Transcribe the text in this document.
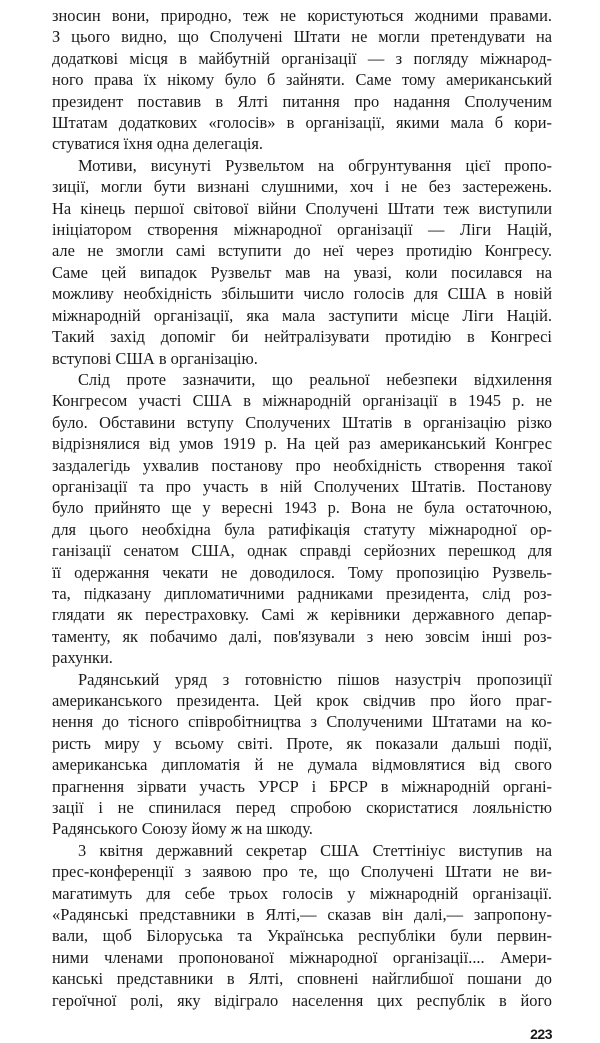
зносин вони, природно, теж не користуються жодними правами.
З цього видно, що Сполучені Штати не могли претендувати на
додаткові місця в майбутній організації — з погляду міжнарод-
ного права їх нікому було б зайняти. Саме тому американський
президент поставив в Ялті питання про надання Сполученим
Штатам додаткових «голосів» в організації, якими мала б кори-
стуватися їхня одна делегація.
Мотиви, висунуті Рузвельтом на обгрунтування цієї пропо-
зиції, могли бути визнані слушними, хоч і не без застережень.
На кінець першої світової війни Сполучені Штати теж виступили
ініціатором створення міжнародної організації — Ліги Націй,
але не змогли самі вступити до неї через протидію Конгресу.
Саме цей випадок Рузвельт мав на увазі, коли посилався на
можливу необхідність збільшити число голосів для США в новій
міжнародній організації, яка мала заступити місце Ліги Націй.
Такий захід допоміг би нейтралізувати протидію в Конгресі
вступові США в організацію.
Слід проте зазначити, що реальної небезпеки відхилення
Конгресом участі США в міжнародній організації в 1945 р. не
було. Обставини вступу Сполучених Штатів в організацію різко
відрізнялися від умов 1919 р. На цей раз американський Конгрес
заздалегідь ухвалив постанову про необхідність створення такої
організації та про участь в ній Сполучених Штатів. Постанову
було прийнято ще у вересні 1943 р. Вона не була остаточною,
для цього необхідна була ратифікація статуту міжнародної ор-
ганізації сенатом США, однак справді серйозних перешкод для
її одержання чекати не доводилося. Тому пропозицію Рузвель-
та, підказану дипломатичними радниками президента, слід роз-
глядати як перестраховку. Самі ж керівники державного депар-
таменту, як побачимо далі, пов'язували з нею зовсім інші роз-
рахунки.
Радянський уряд з готовністю пішов назустріч пропозиції
американського президента. Цей крок свідчив про його праг-
нення до тісного співробітництва з Сполученими Штатами на ко-
ристь миру у всьому світі. Проте, як показали дальші події,
американська дипломатія й не думала відмовлятися від свого
прагнення зірвати участь УРСР і БРСР в міжнародній органі-
зації і не спинилася перед спробою скористатися лояльністю
Радянського Союзу йому ж на шкоду.
3 квітня державний секретар США Стеттініус виступив на
прес-конференції з заявою про те, що Сполучені Штати не ви-
магатимуть для себе трьох голосів у міжнародній організації.
«Радянські представники в Ялті,— сказав він далі,— запропону-
вали, щоб Білоруська та Українська республіки були первин-
ними членами пропонованої міжнародної організації.... Амери-
канські представники в Ялті, сповнені найглибшої пошани до
героїчної ролі, яку відіграло населення цих республік в його
223
